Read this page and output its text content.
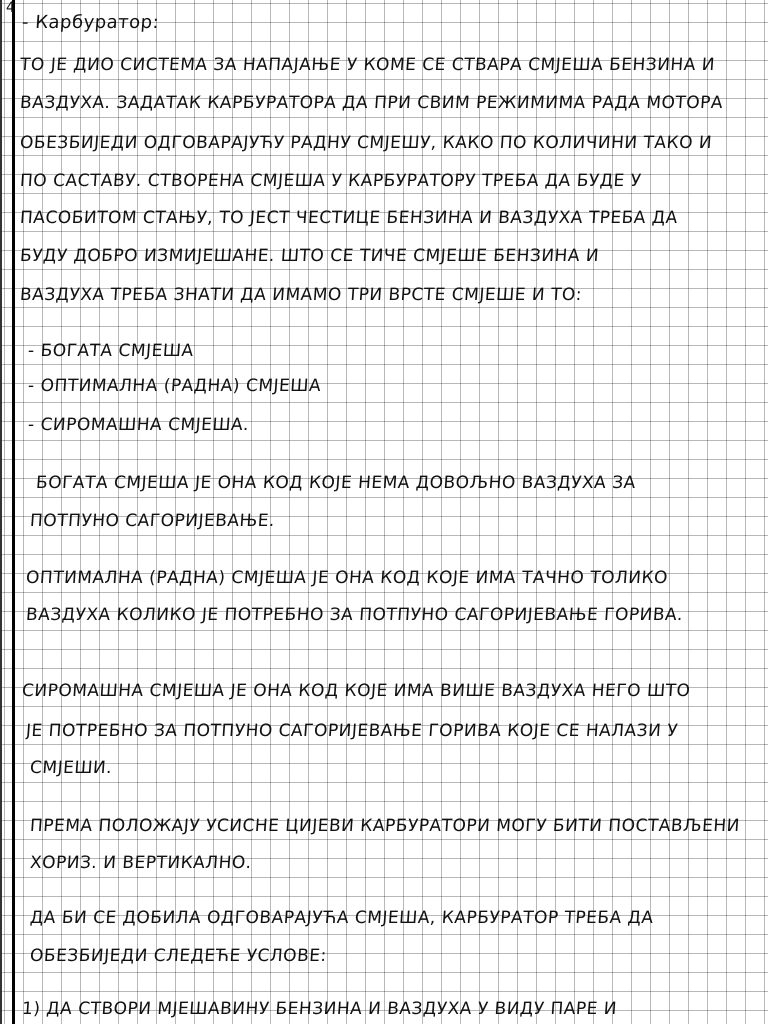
4
- Карбуратор:
ТО ЈЕ ДИО СИСТЕМА ЗА НАПАЈАЊЕ У КОМЕ СЕ СТВАРА СМЈЕША БЕНЗИНА И
ВАЗДУХА. ЗАДАТАК КАРБУРАТОРА ДА ПРИ СВИМ РЕЖИМИМА РАДА МОТОРА
ОБЕЗБИЈЕДИ ОДГОВАРАЈУЋУ РАДНУ СМЈЕШУ, КАКО ПО КОЛИЧИНИ ТАКО И
ПО САСТАВУ. СТВОРЕНА СМЈЕША У КАРБУРАТОРУ ТРЕБА ДА БУДЕ У
ПАСОБИТОМ СТАЊУ, ТО ЈЕСТ ЧЕСТИЦЕ БЕНЗИНА И ВАЗДУХА ТРЕБА ДА
БУДУ ДОБРО ИЗМИЈЕШАНЕ. ШТО СЕ ТИЧЕ СМЈЕШЕ БЕНЗИНА И
ВАЗДУХА ТРЕБА ЗНАТИ ДА ИМАМО ТРИ ВРСТЕ СМЈЕШЕ И ТО:
- БОГАТА СМЈЕША
- ОПТИМАЛНА (РАДНА) СМЈЕША
- СИРОМАШНА СМЈЕША.
БОГАТА СМЈЕША ЈЕ ОНА КОД КОЈЕ НЕМА ДОВОЉНО ВАЗДУХА ЗА
ПОТПУНО САГОРИЈЕВАЊЕ.
ОПТИМАЛНА (РАДНА) СМЈЕША ЈЕ ОНА КОД КОЈЕ ИМА ТАЧНО ТОЛИКО
ВАЗДУХА КОЛИКО ЈЕ ПОТРЕБНО ЗА ПОТПУНО САГОРИЈЕВАЊЕ ГОРИВА.
СИРОМАШНА СМЈЕША ЈЕ ОНА КОД КОЈЕ ИМА ВИШЕ ВАЗДУХА НЕГО ШТО
ЈЕ ПОТРЕБНО ЗА ПОТПУНО САГОРИЈЕВАЊЕ ГОРИВА КОЈЕ СЕ НАЛАЗИ У
СМЈЕШИ.
ПРЕМА ПОЛОЖАЈУ УСИСНЕ ЦИЈЕВИ КАРБУРАТОРИ МОГУ БИТИ ПОСТАВЉЕНИ
ХОРИЗ. И ВЕРТИКАЛНО.
ДА БИ СЕ ДОБИЛА ОДГОВАРАЈУЋА СМЈЕША, КАРБУРАТОР ТРЕБА ДА
ОБЕЗБИЈЕДИ СЛЕДЕЋЕ УСЛОВЕ:
1) ДА СТВОРИ МЈЕШАВИНУ БЕНЗИНА И ВАЗДУХА У ВИДУ ПАРЕ И
